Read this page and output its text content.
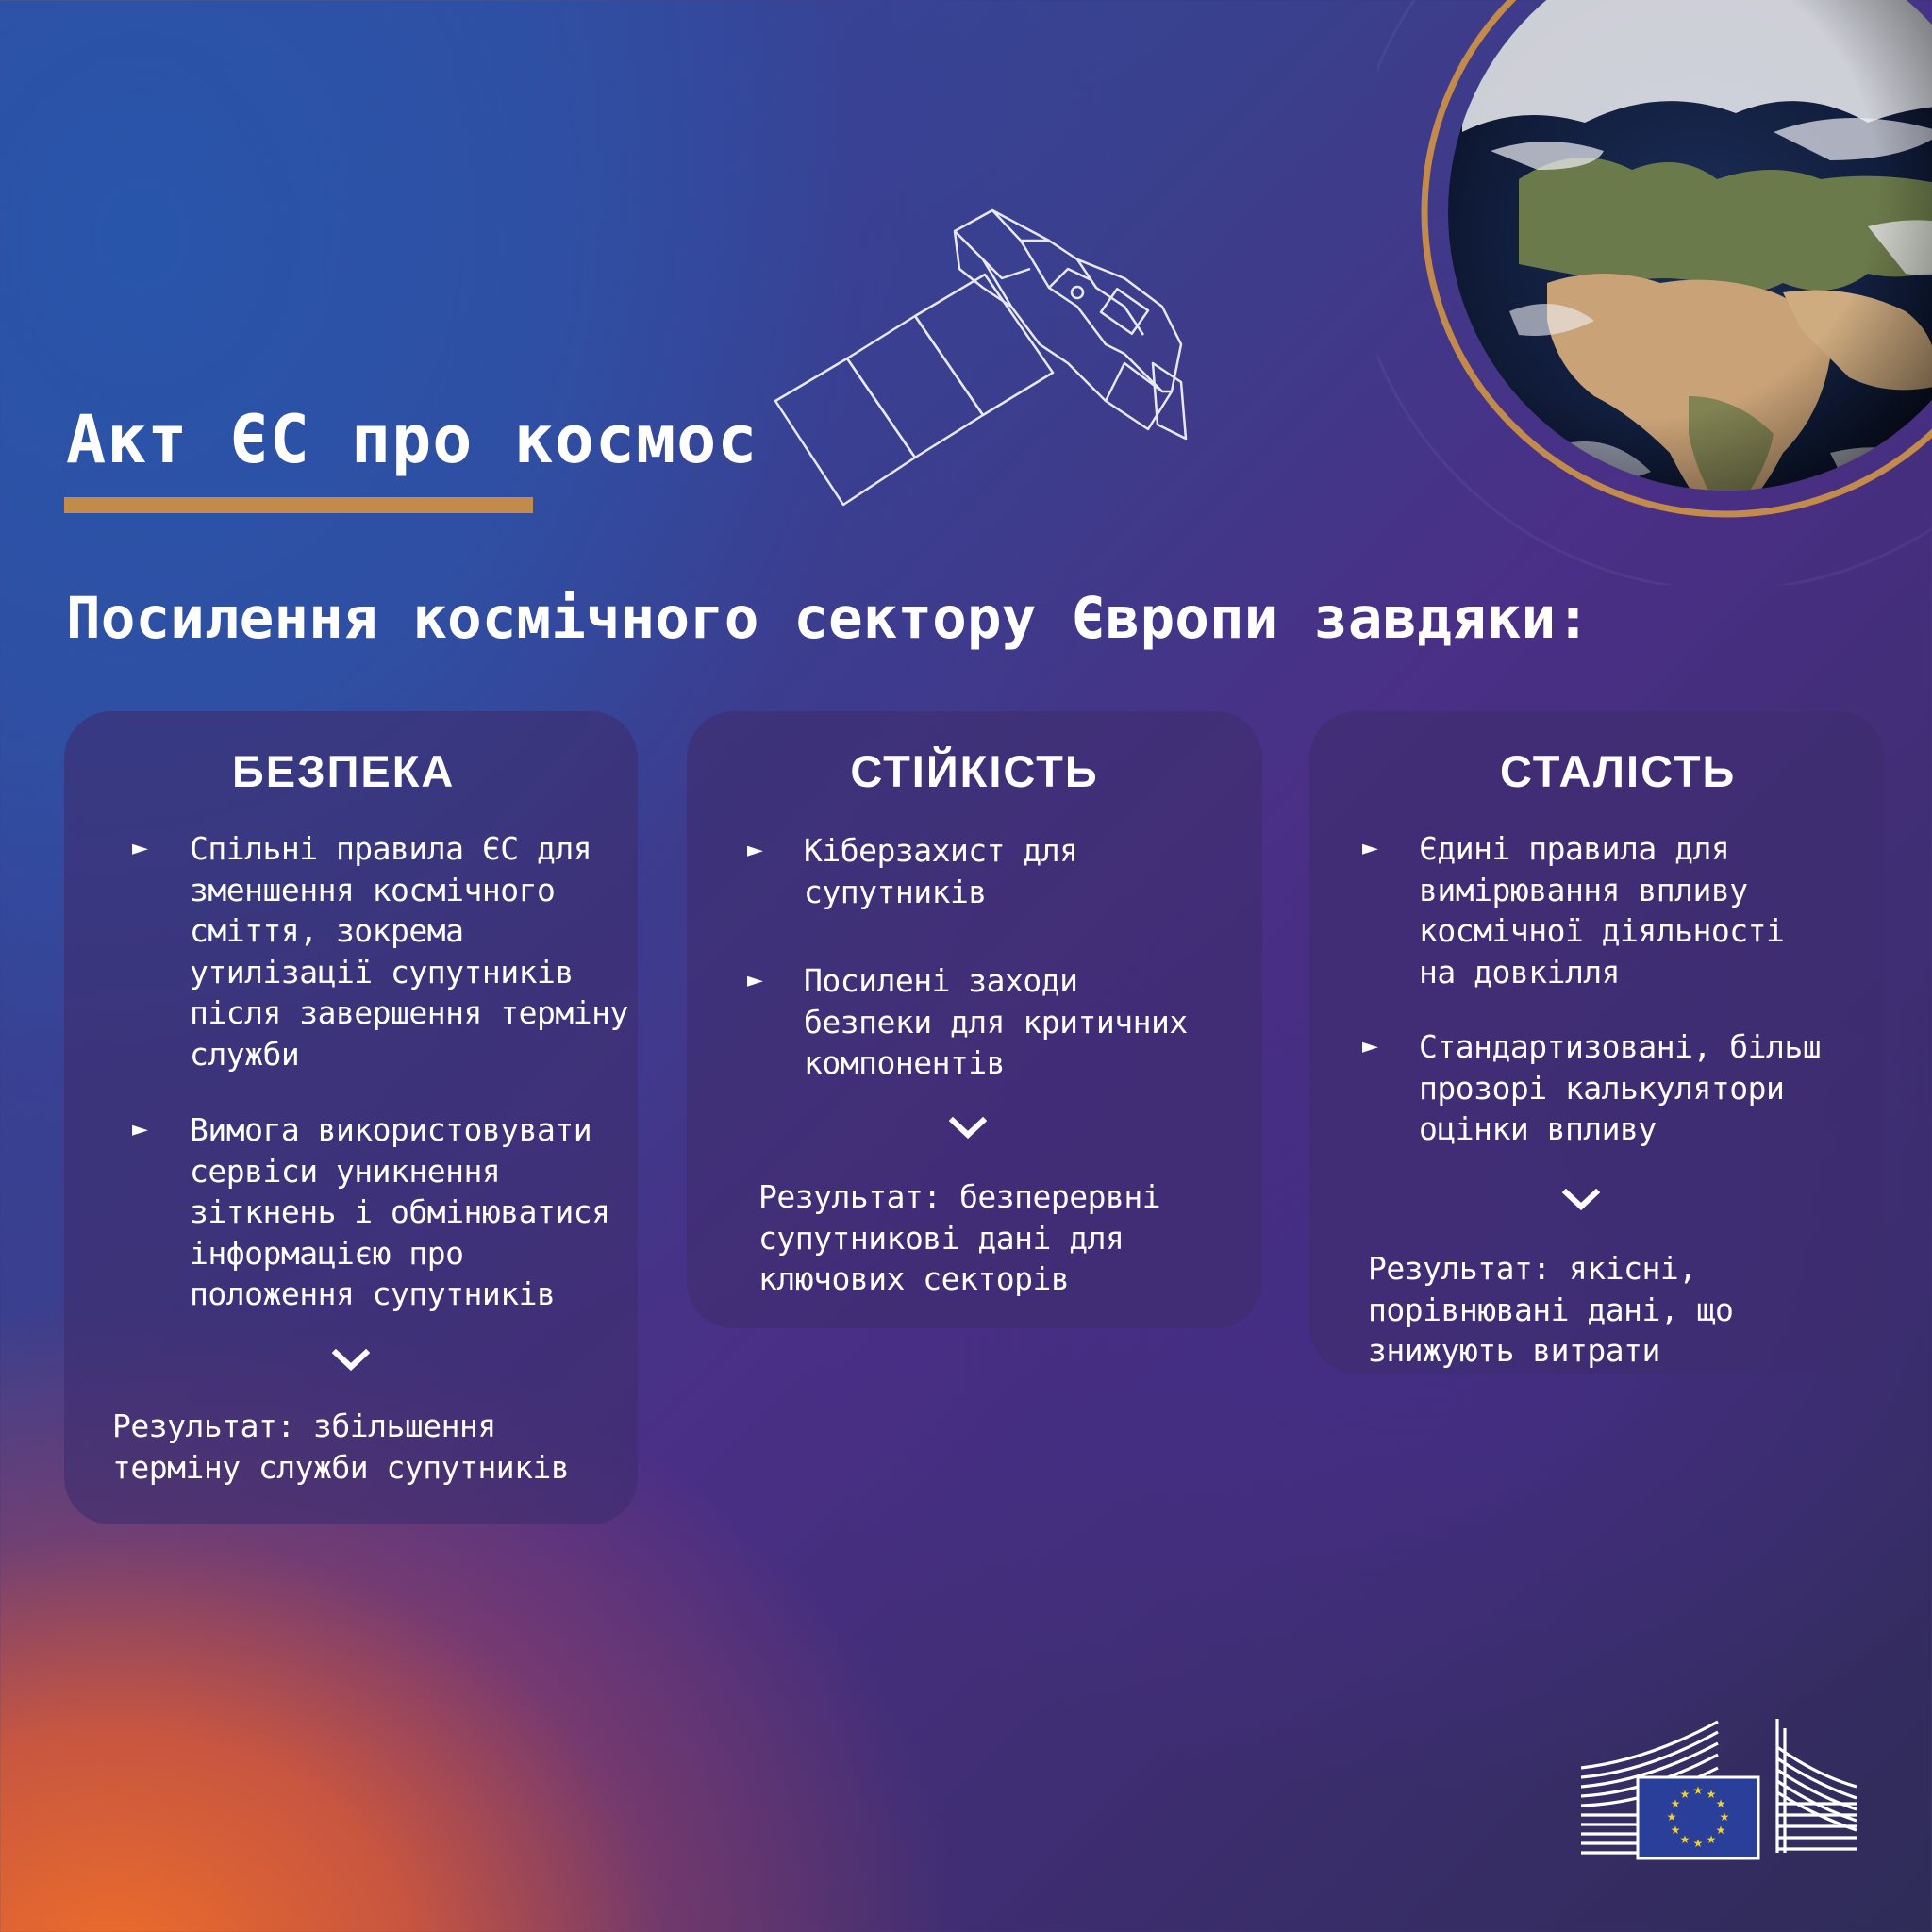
Акт ЄС про космос
Посилення космічного сектору Європи завдяки:
БЕЗПЕКА
► Спільні правила ЄС для зменшення космічного сміття, зокрема утилізації супутників після завершення терміну служби
► Вимога використовувати сервіси уникнення зіткнень і обмінюватися інформацією про положення супутників
Результат: збільшення терміну служби супутників
СТІЙКІСТЬ
► Кіберзахист для супутників
► Посилені заходи безпеки для критичних компонентів
Результат: безперервні супутникові дані для ключових секторів
СТАЛІСТЬ
► Єдині правила для вимірювання впливу космічної діяльності на довкілля
► Стандартизовані, більш прозорі калькулятори оцінки впливу
Результат: якісні, порівнювані дані, що знижують витрати
★ ★
★
★
★
★
★
★
★
★
★
★
